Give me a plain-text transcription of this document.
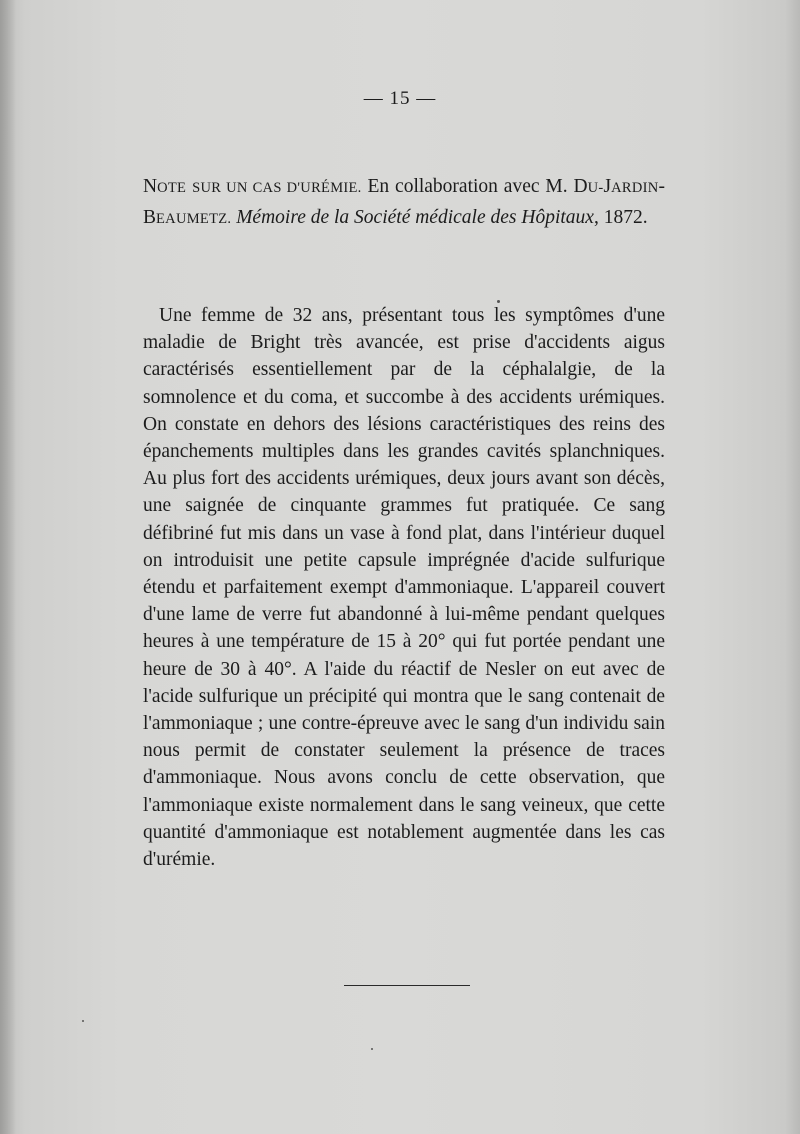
— 15 —
NOTE SUR UN CAS D'URÉMIE. En collaboration avec M. DU-JARDIN-BEAUMETZ. Mémoire de la Société médicale des Hôpitaux, 1872.

Une femme de 32 ans, présentant tous les symptômes d'une maladie de Bright très avancée, est prise d'accidents aigus caractérisés essentiellement par de la céphalalgie, de la somnolence et du coma, et succombe à des accidents urémiques. On constate en dehors des lésions caractéristiques des reins des épanchements multiples dans les grandes cavités splanchniques. Au plus fort des accidents urémiques, deux jours avant son décès, une saignée de cinquante grammes fut pratiquée. Ce sang défibriné fut mis dans un vase à fond plat, dans l'intérieur duquel on introduisit une petite capsule imprégnée d'acide sulfurique étendu et parfaitement exempt d'ammoniaque. L'appareil couvert d'une lame de verre fut abandonné à lui-même pendant quelques heures à une température de 15 à 20° qui fut portée pendant une heure de 30 à 40°. A l'aide du réactif de Nesler on eut avec de l'acide sulfurique un précipité qui montra que le sang contenait de l'ammoniaque ; une contre-épreuve avec le sang d'un individu sain nous permit de constater seulement la présence de traces d'ammoniaque. Nous avons conclu de cette observation, que l'ammoniaque existe normalement dans le sang veineux, que cette quantité d'ammoniaque est notablement augmentée dans les cas d'urémie.
